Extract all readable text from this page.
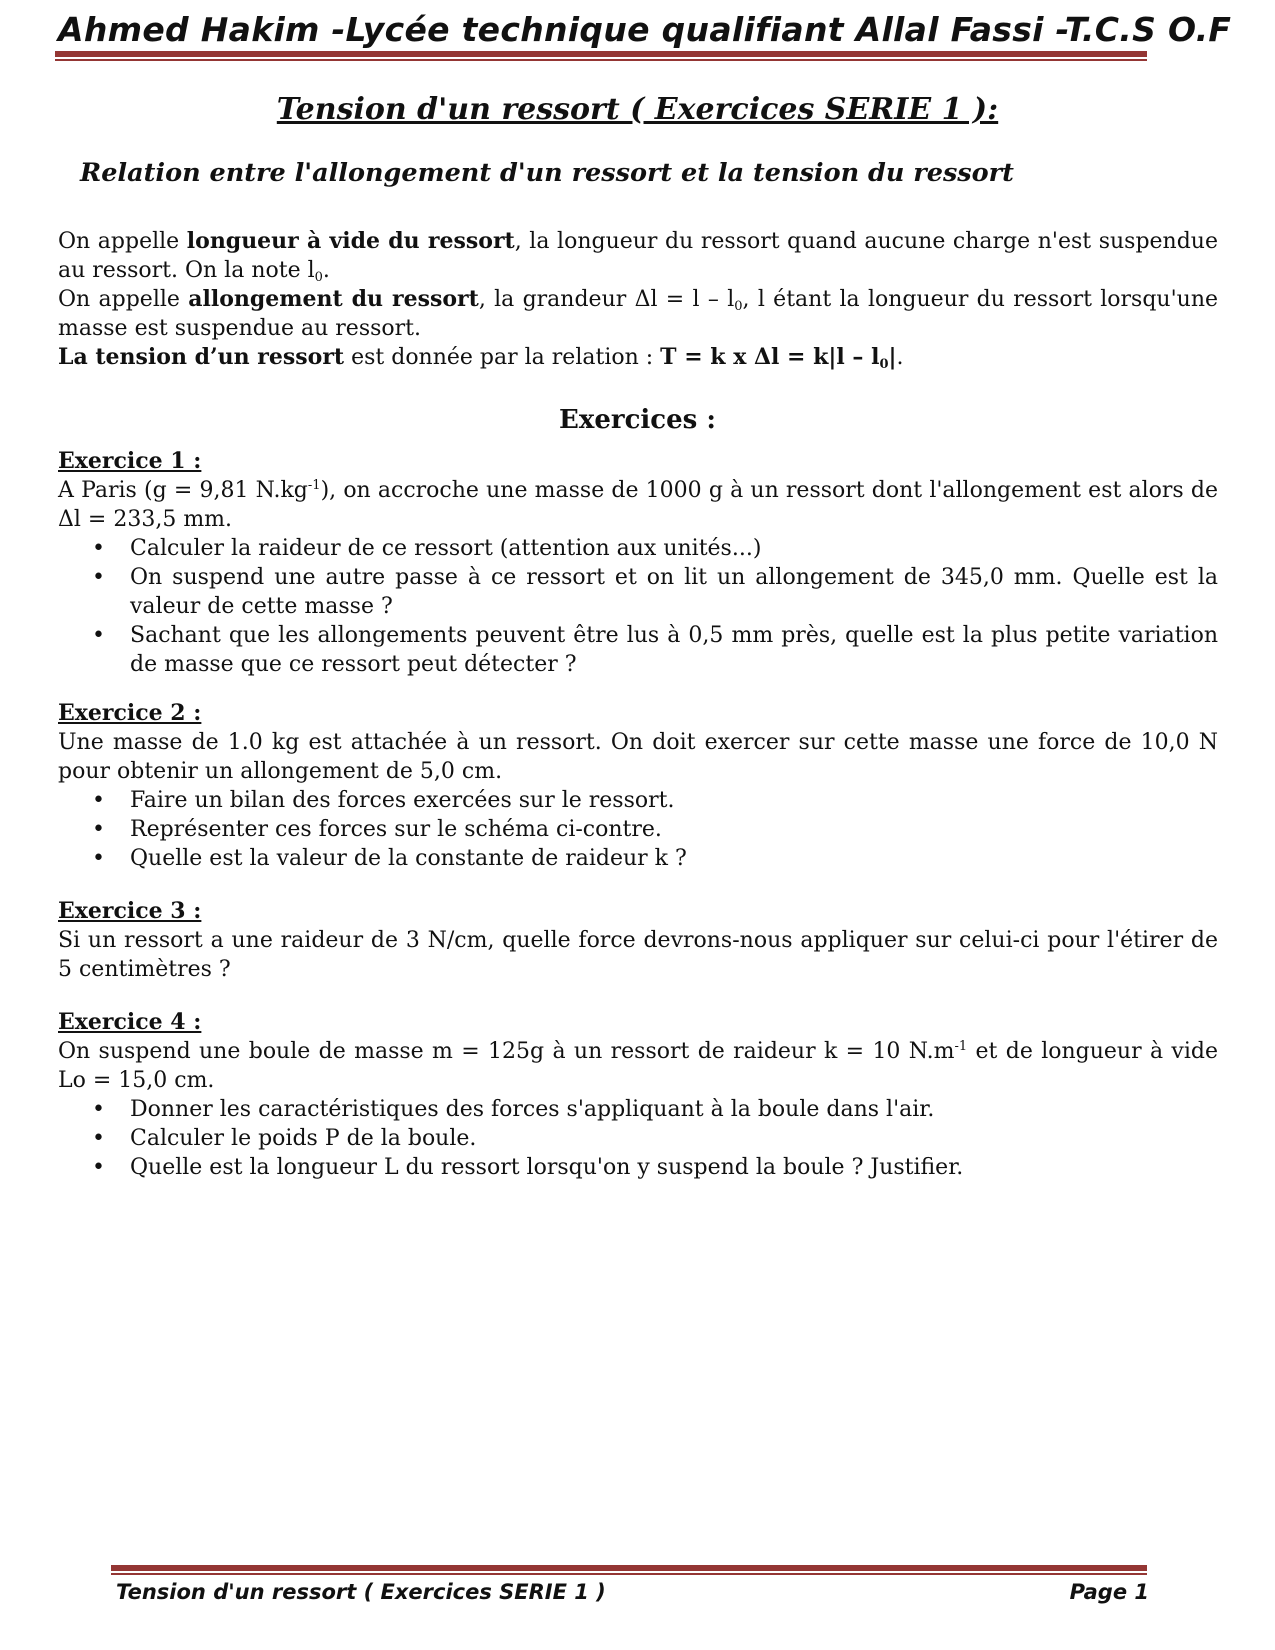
Ahmed Hakim -Lycée technique qualifiant Allal Fassi -T.C.S O.F
Tension d'un ressort ( Exercices SERIE 1 ):
Relation entre l'allongement d'un ressort et la tension du ressort

On appelle longueur à vide du ressort, la longueur du ressort quand aucune charge n'est suspendue au ressort. On la note $l_0$.

On appelle allongement du ressort, la grandeur $\Delta l = l - l_0$, l étant la longueur du ressort lorsqu'une masse est suspendue au ressort.

La tension d’un ressort est donnée par la relation : T = k x $\Delta l = k|l - l_0|$.

Exercices :
Exercice 1 :

A Paris (g = 9,81 $N.kg^{-1}$), on accroche une masse de 1000 g à un ressort dont l'allongement est alors de Δl = 233,5 mm.

• Calculer la raideur de ce ressort (attention aux unités...)
• On suspend une autre passe à ce ressort et on lit un allongement de 345,0 mm. Quelle est la valeur de cette masse ?
• Sachant que les allongements peuvent être lus à 0,5 mm près, quelle est la plus petite variation de masse que ce ressort peut détecter ?
Exercice 2 :

Une masse de 1.0 kg est attachée à un ressort. On doit exercer sur cette masse une force de 10,0 N pour obtenir un allongement de 5,0 cm.

• Faire un bilan des forces exercées sur le ressort.
• Représenter ces forces sur le schéma ci-contre.
• Quelle est la valeur de la constante de raideur k ?
Exercice 3 :

Si un ressort a une raideur de 3 N/cm, quelle force devrons-nous appliquer sur celui-ci pour l'étirer de 5 centimètres ?

Exercice 4 :

On suspend une boule de masse m = 125g à un ressort de raideur k = 10 $N.m^{-1}$ et de longueur à vide Lo = 15,0 cm.

• Donner les caractéristiques des forces s'appliquant à la boule dans l'air.
• Calculer le poids P de la boule.
• Quelle est la longueur L du ressort lorsqu'on y suspend la boule ? Justifier.
Tension d'un ressort ( Exercices SERIE 1 )	Page 1
